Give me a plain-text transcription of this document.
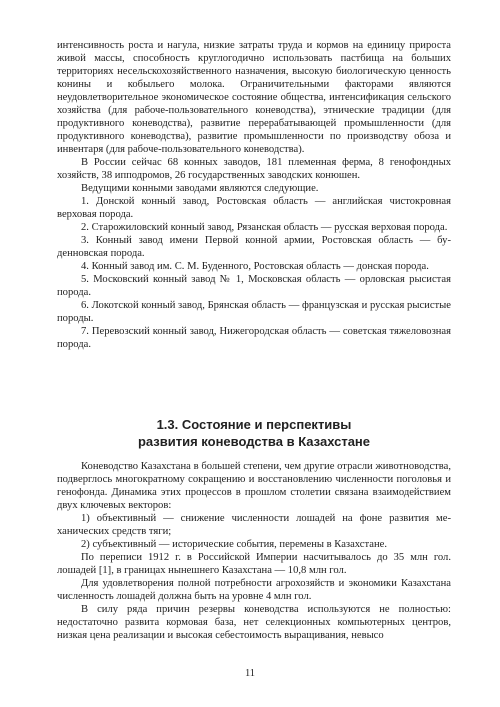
интенсивность роста и нагула, низкие затраты труда и кормов на единицу прироста живой массы, способность круглогодично использовать пастбища на больших территориях несельскохозяйственного назначения, высокую биологическую ценность конины и кобыльего молока. Ограничительными факторами являются неудовлетворительное экономическое состояние общества, интенсификация сельского хозяйства (для рабоче-пользовательного коневодства), этнические традиции (для продуктивного коневодства), развитие перерабатывающей промышленности (для продуктивного коневодства), развитие промышленности по производству обоза и инвентаря (для рабоче-пользовательного коневодства).

В России сейчас 68 конных заводов, 181 племенная ферма, 8 генофондных хозяйств, 38 ипподромов, 26 государственных заводских конюшен.

Ведущими конными заводами являются следующие.

1. Донской конный завод, Ростовская область — английская чистокровная верховая порода.

2. Старожиловский конный завод, Рязанская область — русская верховая порода.

3. Конный завод имени Первой конной армии, Ростовская область — буденновская порода.

4. Конный завод им. С. М. Буденного, Ростовская область — донская порода.

5. Московский конный завод № 1, Московская область — орловская рысистая порода.

6. Локотской конный завод, Брянская область — французская и русская рысистые породы.

7. Перевозский конный завод, Нижегородская область — советская тяжеловозная порода.

1.3. Состояние и перспективы
развития коневодства в Казахстане

Коневодство Казахстана в большей степени, чем другие отрасли животноводства, подверглось многократному сокращению и восстановлению численности поголовья и генофонда. Динамика этих процессов в прошлом столетии связана взаимодействием двух ключевых векторов:

1) объективный — снижение численности лошадей на фоне развития механических средств тяги;

2) субъективный — исторические события, перемены в Казахстане.

По переписи 1912 г. в Российской Империи насчитывалось до 35 млн гол. лошадей [1], в границах нынешнего Казахстана — 10,8 млн гол.

Для удовлетворения полной потребности агрохозяйств и экономики Казахстана численность лошадей должна быть на уровне 4 млн гол.

В силу ряда причин резервы коневодства используются не полностью: недостаточно развита кормовая база, нет селекционных компьютерных центров, низкая цена реализации и высокая себестоимость выращивания, невысо

11
